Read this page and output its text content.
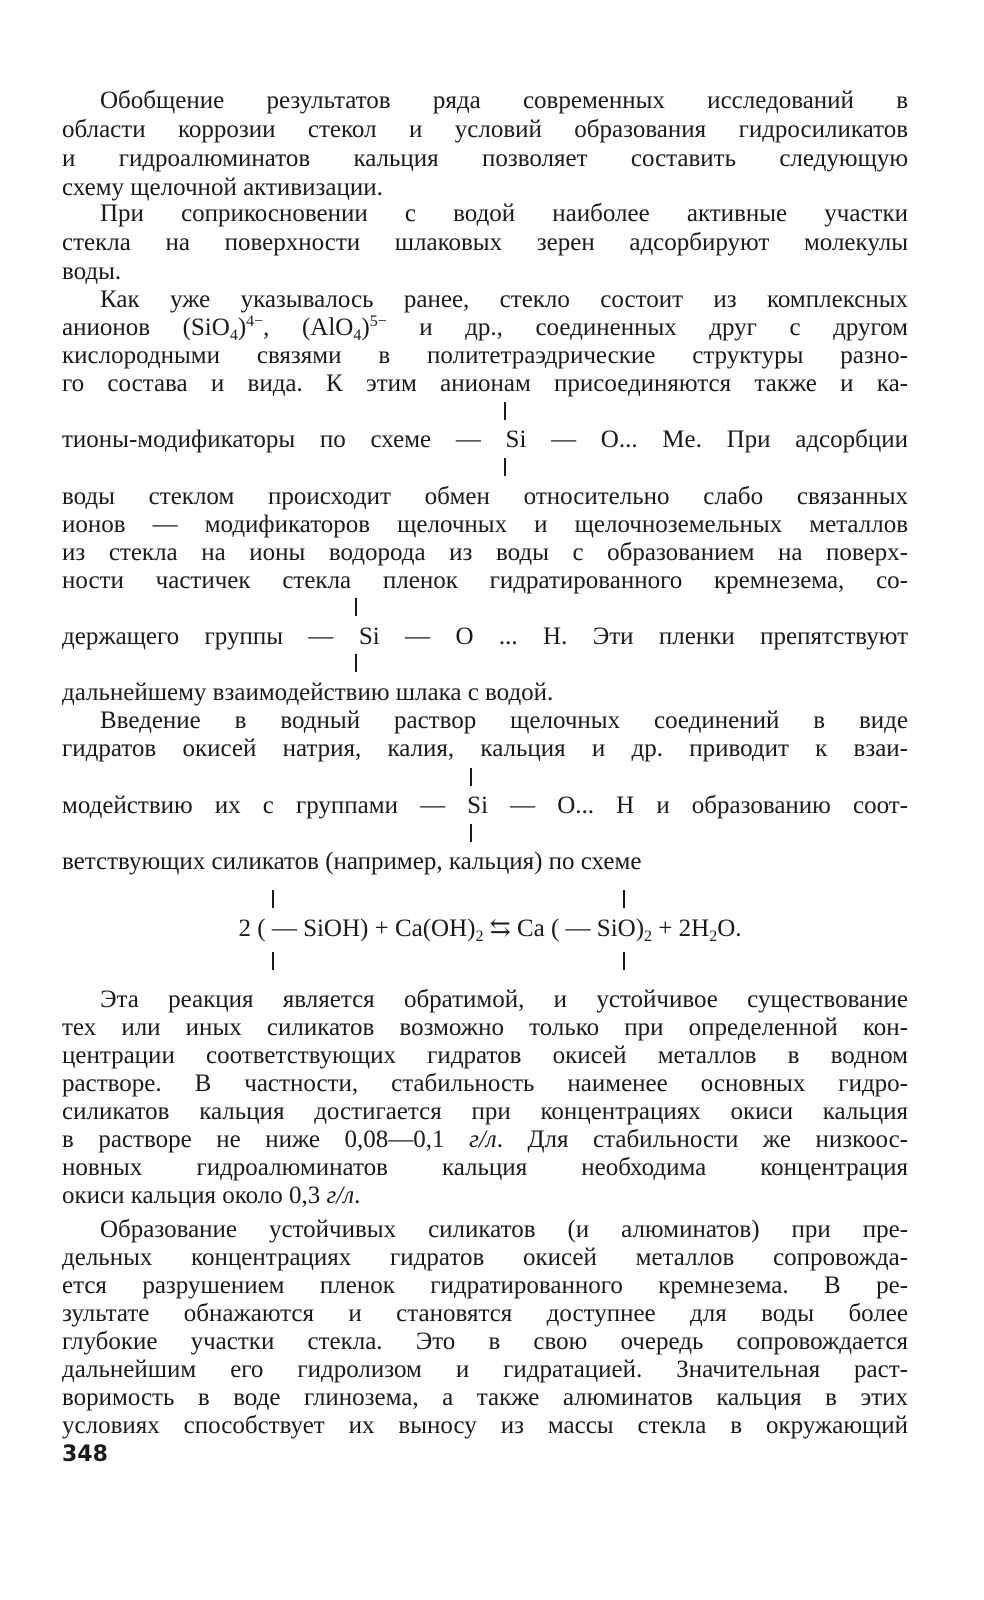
Обобщение результатов ряда современных исследований в
области коррозии стекол и условий образования гидросиликатов
и гидроалюминатов кальция позволяет составить следующую
схему щелочной активизации.
При соприкосновении с водой наиболее активные участки
стекла на поверхности шлаковых зерен адсорбируют молекулы
воды.
Как уже указывалось ранее, стекло состоит из комплексных
анионов $(SiO_4)^{4-}$, $(AlO_4)^{5-}$ и др., соединенных друг с другом
кислородными связями в политетраэдрические структуры разно-
го состава и вида. К этим анионам присоединяются также и ка-
тионы-модификаторы по схеме — Si — O... Me. При адсорбции
воды стеклом происходит обмен относительно слабо связанных
ионов — модификаторов щелочных и щелочноземельных металлов
из стекла на ионы водорода из воды с образованием на поверх-
ности частичек стекла пленок гидратированного кремнезема, со-
держащего группы — Si — O ... H. Эти пленки препятствуют
дальнейшему взаимодействию шлака с водой.
Введение в водный раствор щелочных соединений в виде
гидратов окисей натрия, калия, кальция и др. приводит к взаи-
модействию их с группами — Si — O... H и образованию соот-
ветствующих силикатов (например, кальция) по схеме
2 ( — SiOH) + $Ca(OH)_2$ ⇆ Ca ( — $SiO)_2 + 2H_2O$.
Эта реакция является обратимой, и устойчивое существование
тех или иных силикатов возможно только при определенной кон-
центрации соответствующих гидратов окисей металлов в водном
растворе. В частности, стабильность наименее основных гидро-
силикатов кальция достигается при концентрациях окиси кальция
в растворе не ниже 0,08—0,1 г/л. Для стабильности же низкоос-
новных гидроалюминатов кальция необходима концентрация
окиси кальция около 0,3 г/л.
Образование устойчивых силикатов (и алюминатов) при пре-
дельных концентрациях гидратов окисей металлов сопровожда-
ется разрушением пленок гидратированного кремнезема. В ре-
зультате обнажаются и становятся доступнее для воды более
глубокие участки стекла. Это в свою очередь сопровождается
дальнейшим его гидролизом и гидратацией. Значительная раст-
воримость в воде глинозема, а также алюминатов кальция в этих
условиях способствует их выносу из массы стекла в окружающий
348
